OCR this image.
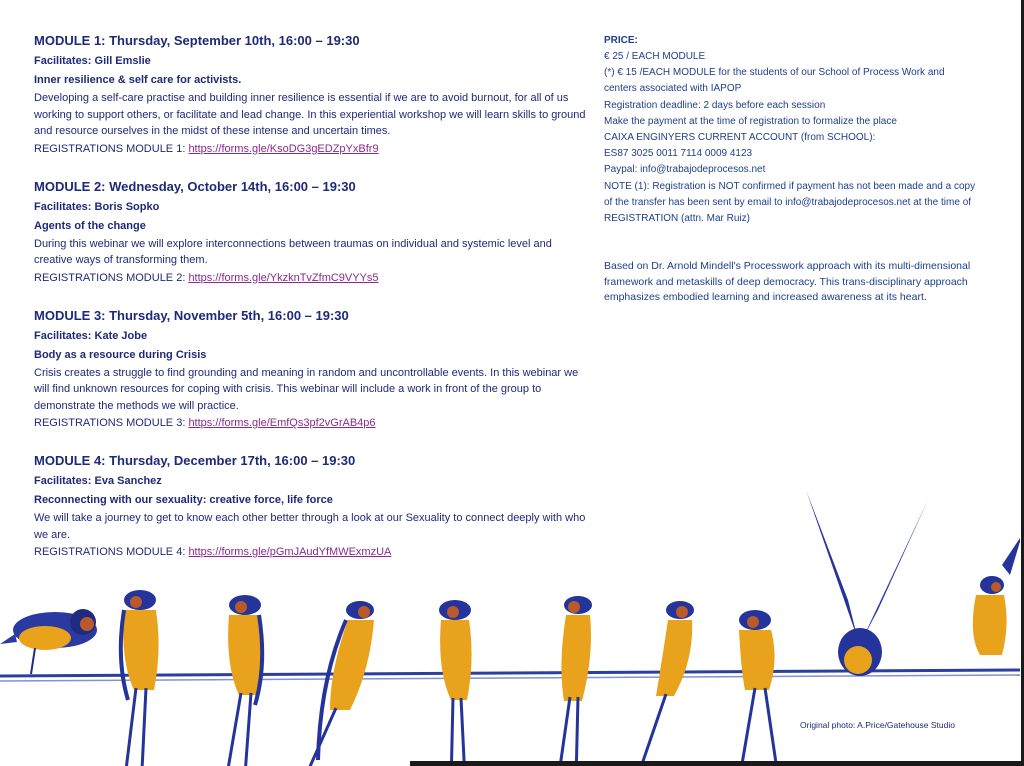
MODULE 1: Thursday, September 10th, 16:00 – 19:30
Facilitates: Gill Emslie
Inner resilience & self care for activists.
Developing a self-care practise and building inner resilience is essential if we are to avoid burnout, for all of us working to support others, or facilitate and lead change. In this experiential workshop we will learn skills to ground and resource ourselves in the midst of these intense and uncertain times.
REGISTRATIONS MODULE 1: https://forms.gle/KsoDG3gEDZpYxBfr9
MODULE 2: Wednesday, October 14th, 16:00 – 19:30
Facilitates: Boris Sopko
Agents of the change
During this webinar we will explore interconnections between traumas on individual and systemic level and creative ways of transforming them.
REGISTRATIONS MODULE 2: https://forms.gle/YkzknTvZfmC9VYYs5
MODULE 3: Thursday, November 5th, 16:00 – 19:30
Facilitates: Kate Jobe
Body as a resource during Crisis
Crisis creates a struggle to find grounding and meaning in random and uncontrollable events. In this webinar we will find unknown resources for coping with crisis. This webinar will include a work in front of the group to demonstrate the methods we will practice.
REGISTRATIONS MODULE 3: https://forms.gle/EmfQs3pf2vGrAB4p6
MODULE 4: Thursday, December 17th, 16:00 – 19:30
Facilitates: Eva Sanchez
Reconnecting with our sexuality: creative force, life force
We will take a journey to get to know each other better through a look at our Sexuality to connect deeply with who we are.
REGISTRATIONS MODULE 4: https://forms.gle/pGmJAudYfMWExmzUA
PRICE:
€ 25 / EACH MODULE
(*) € 15 /EACH MODULE for the students of our School of Process Work and centers associated with IAPOP
Registration deadline: 2 days before each session
Make the payment at the time of registration to formalize the place
CAIXA ENGINYERS CURRENT ACCOUNT (from SCHOOL):
ES87 3025 0011 7114 0009 4123
Paypal: info@trabajodeprocesos.net
NOTE (1): Registration is NOT confirmed if payment has not been made and a copy of the transfer has been sent by email to info@trabajodeprocesos.net at the time of REGISTRATION (attn. Mar Ruiz)
Based on Dr. Arnold Mindell's Processwork approach with its multi-dimensional framework and metaskills of deep democracy. This trans-disciplinary approach emphasizes embodied learning and increased awareness at its heart.
Original photo: A.Price/Gatehouse Studio
